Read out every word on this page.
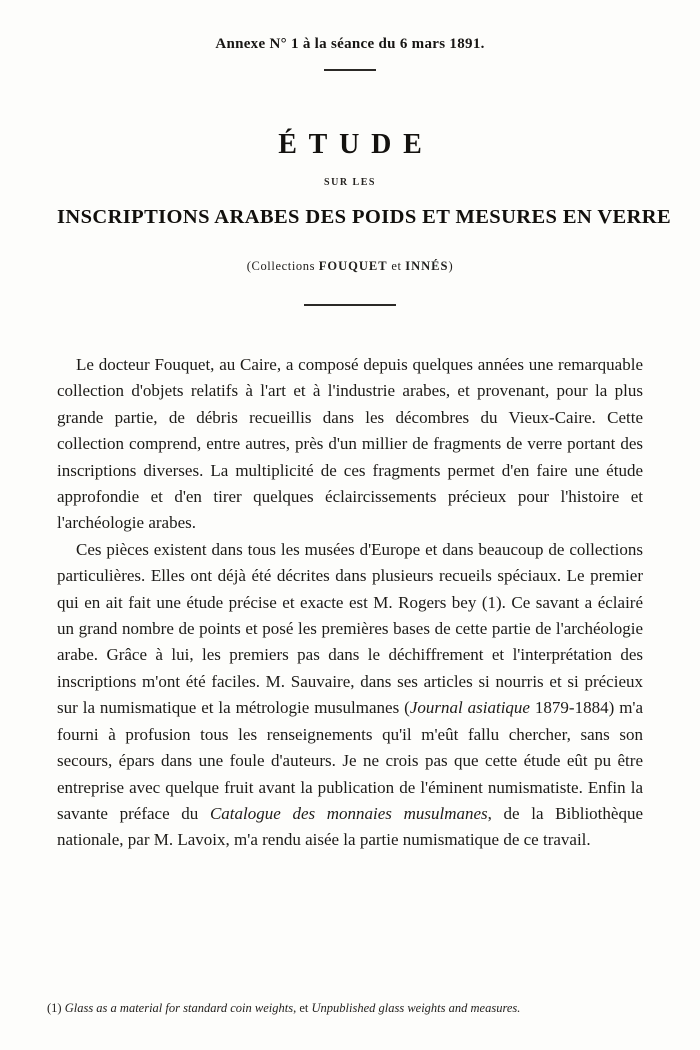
Annexe N° 1 à la séance du 6 mars 1891.
ÉTUDE
SUR LES
INSCRIPTIONS ARABES DES POIDS ET MESURES EN VERRE
(Collections FOUQUET et INNÉS)

Le docteur Fouquet, au Caire, a composé depuis quelques années une remarquable collection d'objets relatifs à l'art et à l'industrie arabes, et provenant, pour la plus grande partie, de débris recueillis dans les décombres du Vieux-Caire. Cette collection comprend, entre autres, près d'un millier de fragments de verre portant des inscriptions diverses. La multiplicité de ces fragments permet d'en faire une étude approfondie et d'en tirer quelques éclaircissements précieux pour l'histoire et l'archéologie arabes.

Ces pièces existent dans tous les musées d'Europe et dans beaucoup de collections particulières. Elles ont déjà été décrites dans plusieurs recueils spéciaux. Le premier qui en ait fait une étude précise et exacte est M. Rogers bey (1). Ce savant a éclairé un grand nombre de points et posé les premières bases de cette partie de l'archéologie arabe. Grâce à lui, les premiers pas dans le déchiffrement et l'interprétation des inscriptions m'ont été faciles. M. Sauvaire, dans ses articles si nourris et si précieux sur la numismatique et la métrologie musulmanes (Journal asiatique 1879-1884) m'a fourni à profusion tous les renseignements qu'il m'eût fallu chercher, sans son secours, épars dans une foule d'auteurs. Je ne crois pas que cette étude eût pu être entreprise avec quelque fruit avant la publication de l'éminent numismatiste. Enfin la savante préface du Catalogue des monnaies musulmanes, de la Bibliothèque nationale, par M. Lavoix, m'a rendu aisée la partie numismatique de ce travail.

(1) Glass as a material for standard coin weights, et Unpublished glass weights and measures.
